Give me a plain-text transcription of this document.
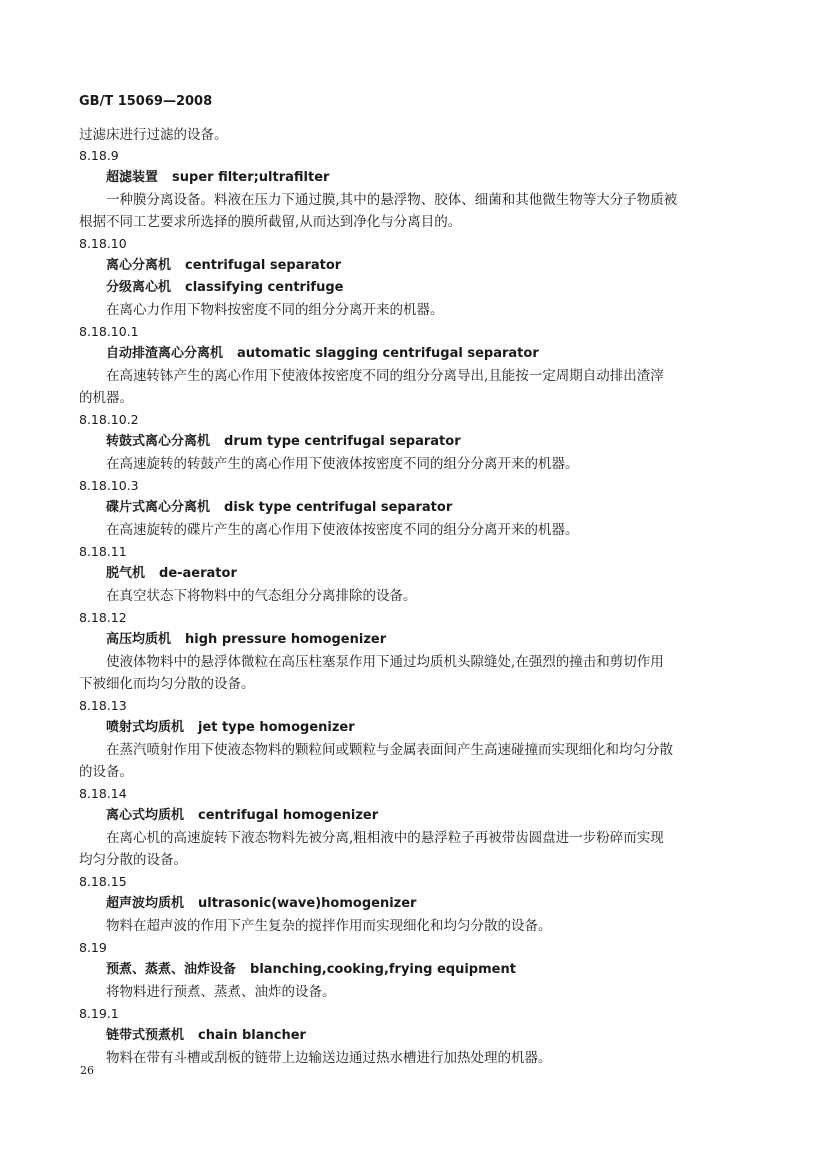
GB/T 15069—2008
过滤床进行过滤的设备。
8.18.9
超滤装置 super filter;ultrafilter
一种膜分离设备。料液在压力下通过膜,其中的悬浮物、胶体、细菌和其他微生物等大分子物质被
根据不同工艺要求所选择的膜所截留,从而达到净化与分离目的。
8.18.10
离心分离机 centrifugal separator
分级离心机 classifying centrifuge
在离心力作用下物料按密度不同的组分分离开来的机器。
8.18.10.1
自动排渣离心分离机 automatic slagging centrifugal separator
在高速转钵产生的离心作用下使液体按密度不同的组分分离导出,且能按一定周期自动排出渣滓
的机器。
8.18.10.2
转鼓式离心分离机 drum type centrifugal separator
在高速旋转的转鼓产生的离心作用下使液体按密度不同的组分分离开来的机器。
8.18.10.3
碟片式离心分离机 disk type centrifugal separator
在高速旋转的碟片产生的离心作用下使液体按密度不同的组分分离开来的机器。
8.18.11
脱气机 de-aerator
在真空状态下将物料中的气态组分分离排除的设备。
8.18.12
高压均质机 high pressure homogenizer
使液体物料中的悬浮体微粒在高压柱塞泵作用下通过均质机头隙缝处,在强烈的撞击和剪切作用
下被细化而均匀分散的设备。
8.18.13
喷射式均质机 jet type homogenizer
在蒸汽喷射作用下使液态物料的颗粒间或颗粒与金属表面间产生高速碰撞而实现细化和均匀分散
的设备。
8.18.14
离心式均质机 centrifugal homogenizer
在离心机的高速旋转下液态物料先被分离,粗相液中的悬浮粒子再被带齿圆盘进一步粉碎而实现
均匀分散的设备。
8.18.15
超声波均质机 ultrasonic(wave)homogenizer
物料在超声波的作用下产生复杂的搅拌作用而实现细化和均匀分散的设备。
8.19
预煮、蒸煮、油炸设备 blanching,cooking,frying equipment
将物料进行预煮、蒸煮、油炸的设备。
8.19.1
链带式预煮机 chain blancher
物料在带有斗槽或刮板的链带上边输送边通过热水槽进行加热处理的机器。
26
